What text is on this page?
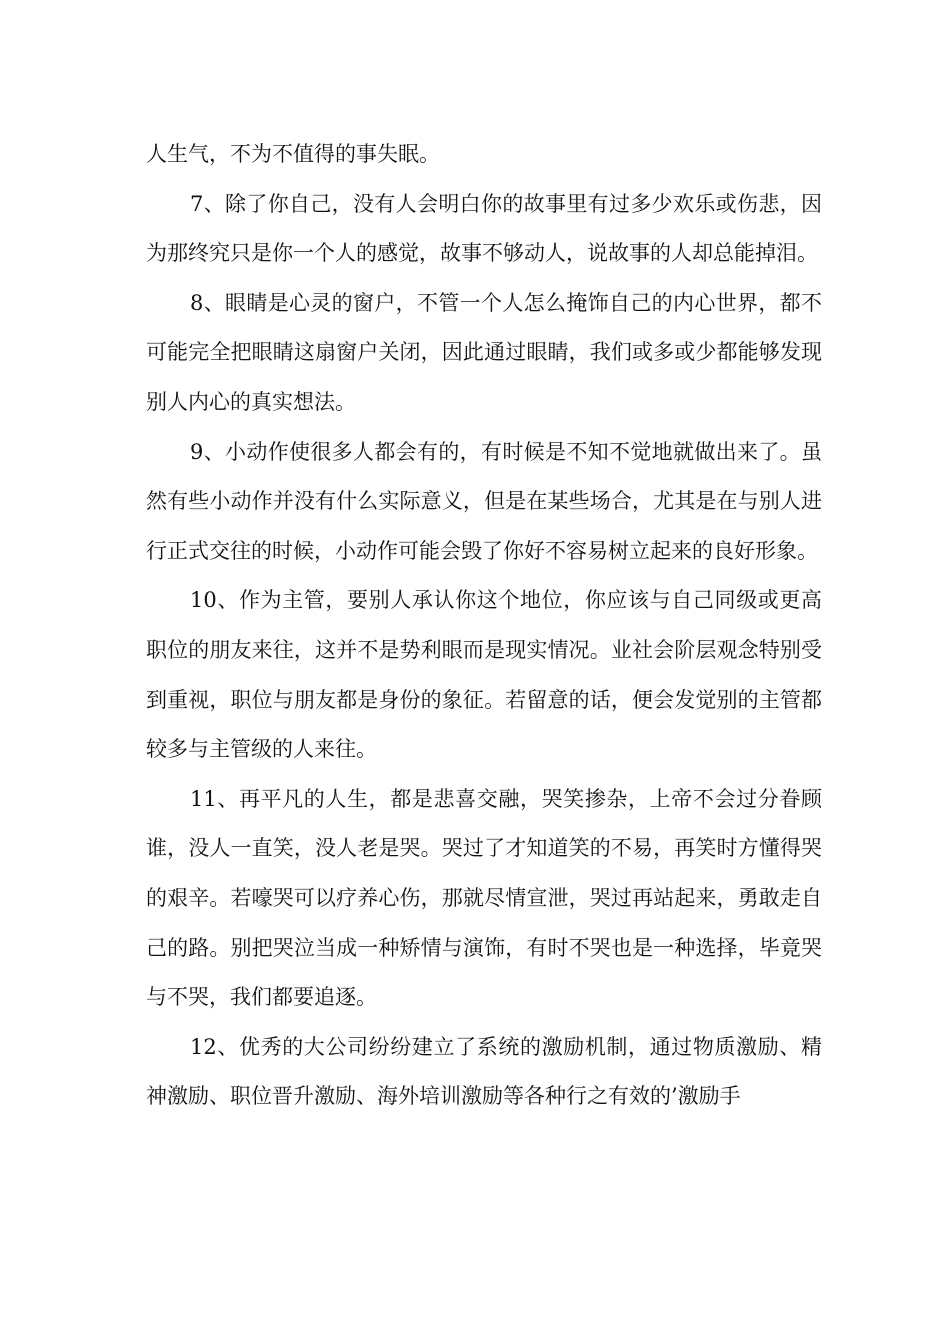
人生气，不为不值得的事失眠。

7、除了你自己，没有人会明白你的故事里有过多少欢乐或伤悲，因为那终究只是你一个人的感觉，故事不够动人，说故事的人却总能掉泪。

8、眼睛是心灵的窗户，不管一个人怎么掩饰自己的内心世界，都不可能完全把眼睛这扇窗户关闭，因此通过眼睛，我们或多或少都能够发现别人内心的真实想法。

9、小动作使很多人都会有的，有时候是不知不觉地就做出来了。虽然有些小动作并没有什么实际意义，但是在某些场合，尤其是在与别人进行正式交往的时候，小动作可能会毁了你好不容易树立起来的良好形象。

10、作为主管，要别人承认你这个地位，你应该与自己同级或更高职位的朋友来往，这并不是势利眼而是现实情况。业社会阶层观念特别受到重视，职位与朋友都是身份的象征。若留意的话，便会发觉别的主管都较多与主管级的人来往。

11、再平凡的人生，都是悲喜交融，哭笑掺杂，上帝不会过分眷顾谁，没人一直笑，没人老是哭。哭过了才知道笑的不易，再笑时方懂得哭的艰辛。若嚎哭可以疗养心伤，那就尽情宣泄，哭过再站起来，勇敢走自己的路。别把哭泣当成一种矫情与演饰，有时不哭也是一种选择，毕竟哭与不哭，我们都要追逐。

12、优秀的大公司纷纷建立了系统的激励机制，通过物质激励、精神激励、职位晋升激励、海外培训激励等各种行之有效的’激励手
